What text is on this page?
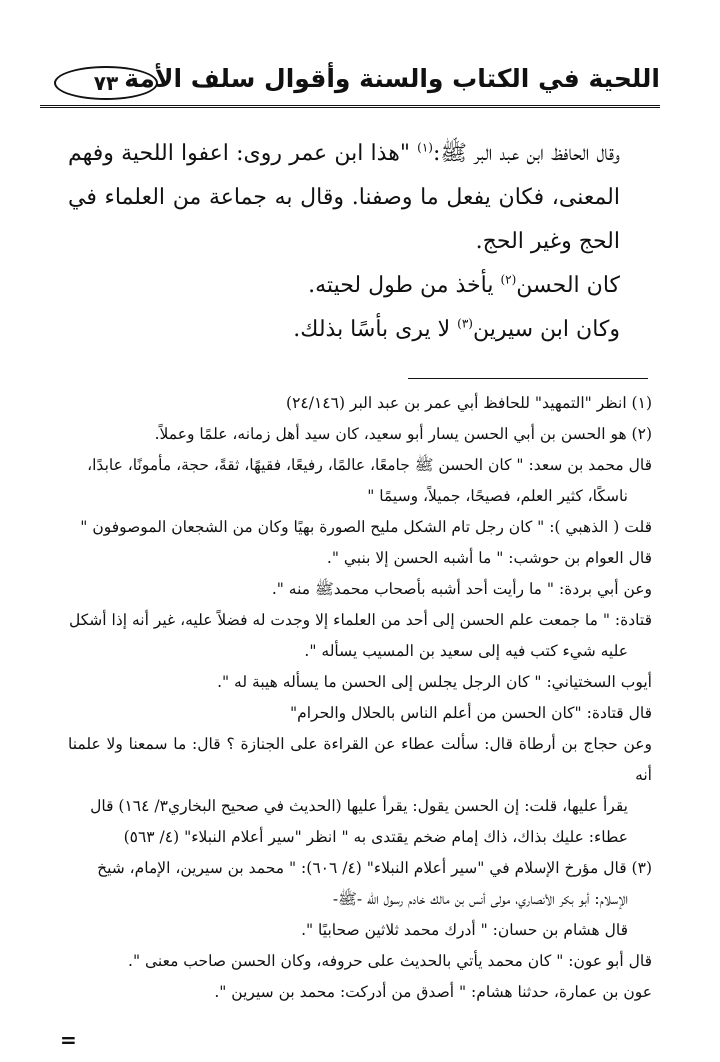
اللحية في الكتاب والسنة وأقوال سلف الأمة
٧٣

وقال الحافظ ابن عبد البر ﷺ:$^{(١)}$ "هذا ابن عمر روى: اعفوا اللحية وفهم المعنى، فكان يفعل ما وصفنا. وقال به جماعة من العلماء في الحج وغير الحج.

كان الحسن$^{(٢)}$ يأخذ من طول لحيته.

وكان ابن سيرين$^{(٣)}$ لا يرى بأسًا بذلك.

(١) انظر "التمهيد" للحافظ أبي عمر بن عبد البر (٢٤/١٤٦)

(٢) هو الحسن بن أبي الحسن يسار أبو سعيد، كان سيد أهل زمانه، علمًا وعملاً.

قال محمد بن سعد: " كان الحسن ﷺ جامعًا، عالمًا، رفيعًا، فقيهًا، ثقةً، حجة، مأمونًا، عابدًا،

ناسكًا، كثير العلم، فصيحًا، جميلاً، وسيمًا "

قلت ( الذهبي ): " كان رجل تام الشكل مليح الصورة بهيًا وكان من الشجعان الموصوفون "

قال العوام بن حوشب: " ما أشبه الحسن إلا بنبي ".

وعن أبي بردة: " ما رأيت أحد أشبه بأصحاب محمدﷺ منه ".

قتادة: " ما جمعت علم الحسن إلى أحد من العلماء إلا وجدت له فضلاً عليه، غير أنه إذا أشكل

عليه شيء كتب فيه إلى سعيد بن المسيب يسأله ".

أيوب السختياني: " كان الرجل يجلس إلى الحسن ما يسأله هيبة له ".

قال قتادة: "كان الحسن من أعلم الناس بالحلال والحرام"

وعن حجاج بن أرطاة قال: سألت عطاء عن القراءة على الجنازة ؟ قال: ما سمعنا ولا علمنا أنه

يقرأ عليها، قلت: إن الحسن يقول: يقرأ عليها (الحديث في صحيح البخاري٣/ ١٦٤) قال

عطاء: عليك بذاك، ذاك إمام ضخم يقتدى به " انظر "سير أعلام النبلاء" (٤/ ٥٦٣)

(٣) قال مؤرخ الإسلام في "سير أعلام النبلاء" (٤/ ٦٠٦): " محمد بن سيرين، الإمام، شيخ

الإسلام: أبو بكر الأنصاري، مولى أنس بن مالك خادم رسول الله -ﷺ-

قال هشام بن حسان: " أدرك محمد ثلاثين صحابيًا ".

قال أبو عون: " كان محمد يأتي بالحديث على حروفه، وكان الحسن صاحب معنى ".

عون بن عمارة، حدثنا هشام: " أصدق من أدركت: محمد بن سيرين ".

=
